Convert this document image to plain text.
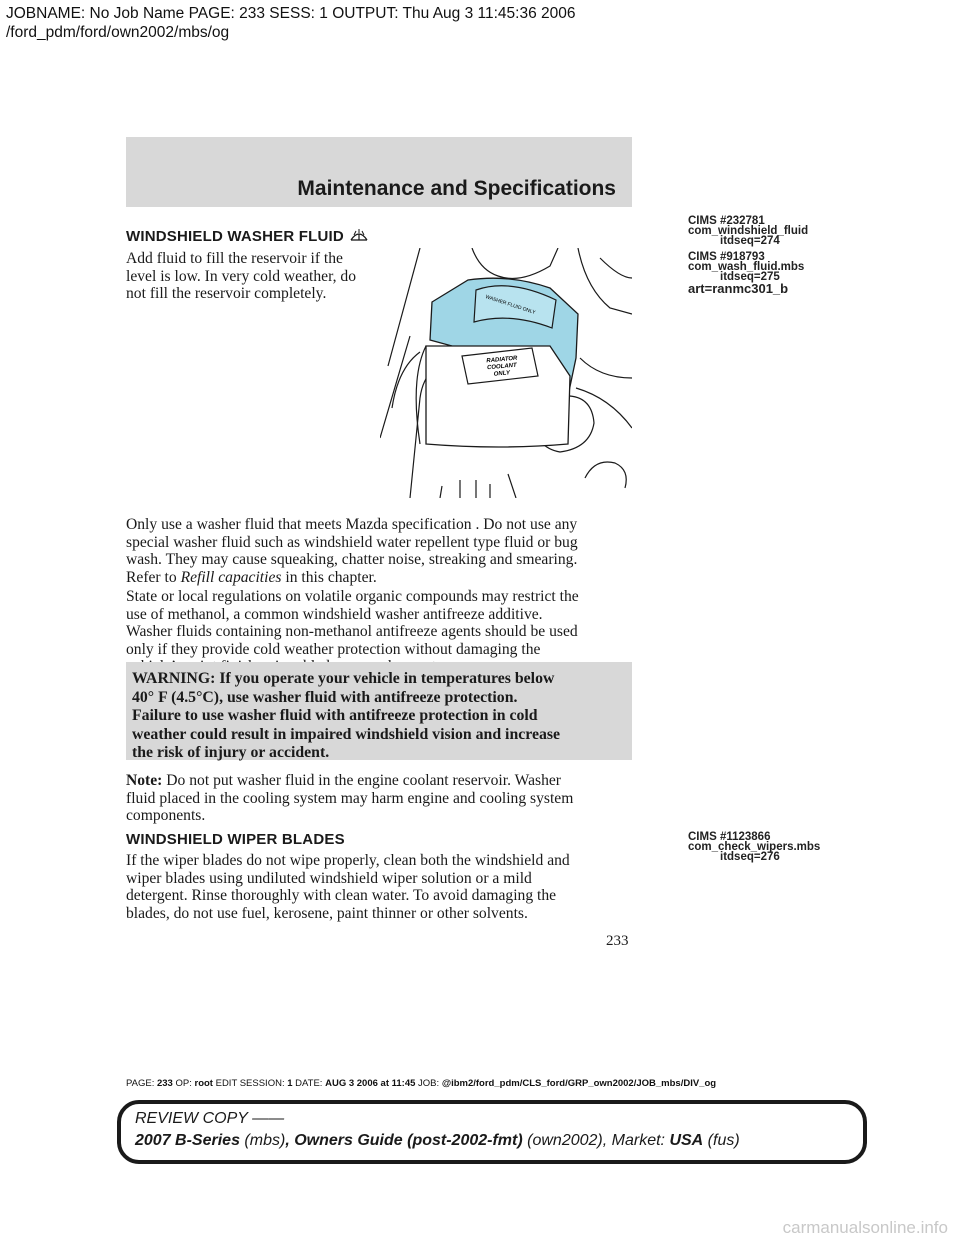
JOBNAME: No Job Name PAGE: 233 SESS: 1 OUTPUT: Thu Aug 3 11:45:36 2006
/ford_pdm/ford/own2002/mbs/og
Maintenance and Specifications
WINDSHIELD WASHER FLUID

Add fluid to fill the reservoir if the
level is low. In very cold weather, do
not fill the reservoir completely.

WASHER FLUID ONLY
RADIATOR
COOLANT
ONLY
CIMS #232781
com_windshield_fluid
itdseq=274
CIMS #918793
com_wash_fluid.mbs
itdseq=275
art=ranmc301_b

Only use a washer fluid that meets Mazda specification . Do not use any
special washer fluid such as windshield water repellent type fluid or bug
wash. They may cause squeaking, chatter noise, streaking and smearing.
Refer to Refill capacities in this chapter.

State or local regulations on volatile organic compounds may restrict the
use of methanol, a common windshield washer antifreeze additive.
Washer fluids containing non-methanol antifreeze agents should be used
only if they provide cold weather protection without damaging the

WARNING: If you operate your vehicle in temperatures below
40° F (4.5°C), use washer fluid with antifreeze protection.
Failure to use washer fluid with antifreeze protection in cold
weather could result in impaired windshield vision and increase
the risk of injury or accident.

Note: Do not put washer fluid in the engine coolant reservoir. Washer
fluid placed in the cooling system may harm engine and cooling system
components.

WINDSHIELD WIPER BLADES	CIMS #1123866
com_check_wipers.mbs
itdseq=276

If the wiper blades do not wipe properly, clean both the windshield and
wiper blades using undiluted windshield wiper solution or a mild
detergent. Rinse thoroughly with clean water. To avoid damaging the
blades, do not use fuel, kerosene, paint thinner or other solvents.

233
PAGE: 233 OP: root EDIT SESSION: 1 DATE: AUG 3 2006 at 11:45 JOB: @ibm2/ford_pdm/CLS_ford/GRP_own2002/JOB_mbs/DIV_og
REVIEW COPY ——
2007 B-Series (mbs), Owners Guide (post-2002-fmt) (own2002), Market: USA (fus)
carmanualsonline.info
